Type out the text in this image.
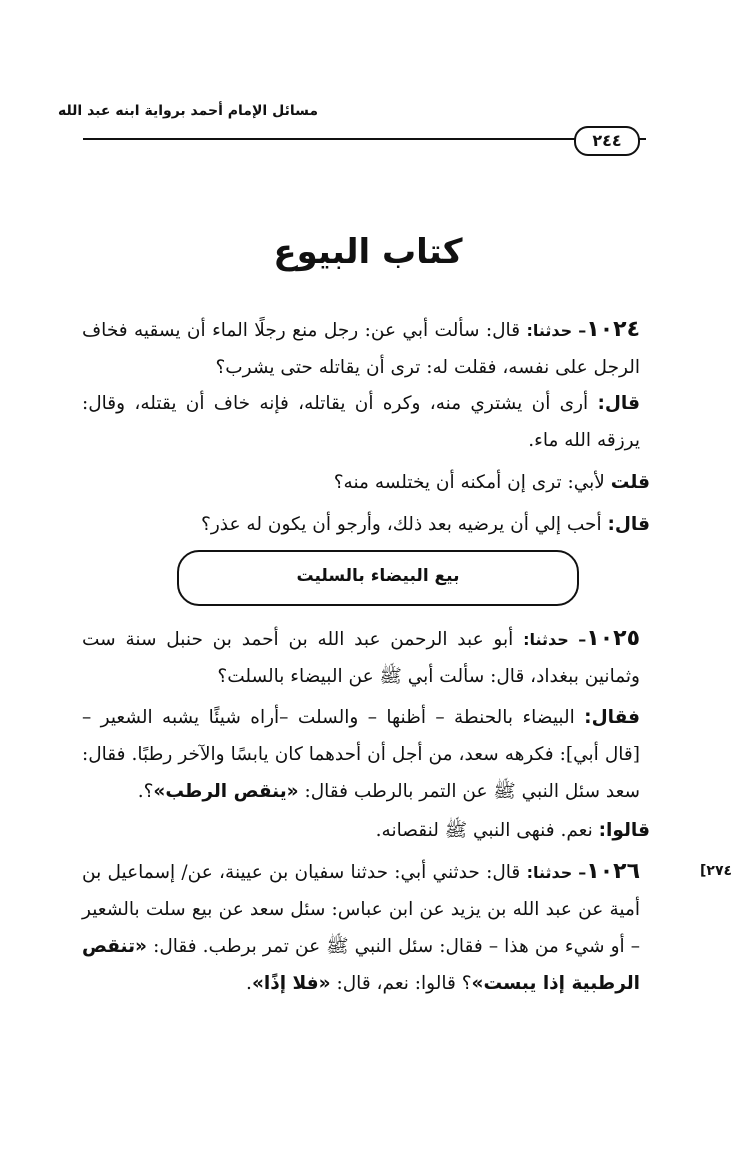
مسائل الإمام أحمد برواية ابنه عبد الله
٢٤٤
كتاب البيوع
١٠٢٤– حدثنا: قال: سألت أبي عن: رجل منع رجلًا الماء أن يسقيه فخاف الرجل على نفسه، فقلت له: ترى أن يقاتله حتى يشرب؟
قال: أرى أن يشتري منه، وكره أن يقاتله، فإنه خاف أن يقتله، وقال: يرزقه الله ماء.
قلت لأبي: ترى إن أمكنه أن يختلسه منه؟
قال: أحب إلي أن يرضيه بعد ذلك، وأرجو أن يكون له عذر؟
بيع البيضاء بالسليت
١٠٢٥– حدثنا: أبو عبد الرحمن عبد الله بن أحمد بن حنبل سنة ست وثمانين ببغداد، قال: سألت أبي ﷺ عن البيضاء بالسلت؟
فقال: البيضاء بالحنطة – أظنها – والسلت –أراه شيئًا يشبه الشعير – [قال أبي]: فكرهه سعد، من أجل أن أحدهما كان يابسًا والآخر رطبًا. فقال: سعد سئل النبي ﷺ عن التمر بالرطب فقال: «ينقص الرطب»؟.
قالوا: نعم. فنهى النبي ﷺ لنقصانه.
١٠٢٦– حدثنا: قال: حدثني أبي: حدثنا سفيان بن عيينة، عن/ إسماعيل بن أمية عن عبد الله بن يزيد عن ابن عباس: سئل سعد عن بيع سلت بالشعير – أو شيء من هذا – فقال: سئل النبي ﷺ عن تمر برطب. فقال: «تنقص الرطبية إذا يبست»؟ قالوا: نعم، قال: «فلا إذًا».
[٢٧٤
